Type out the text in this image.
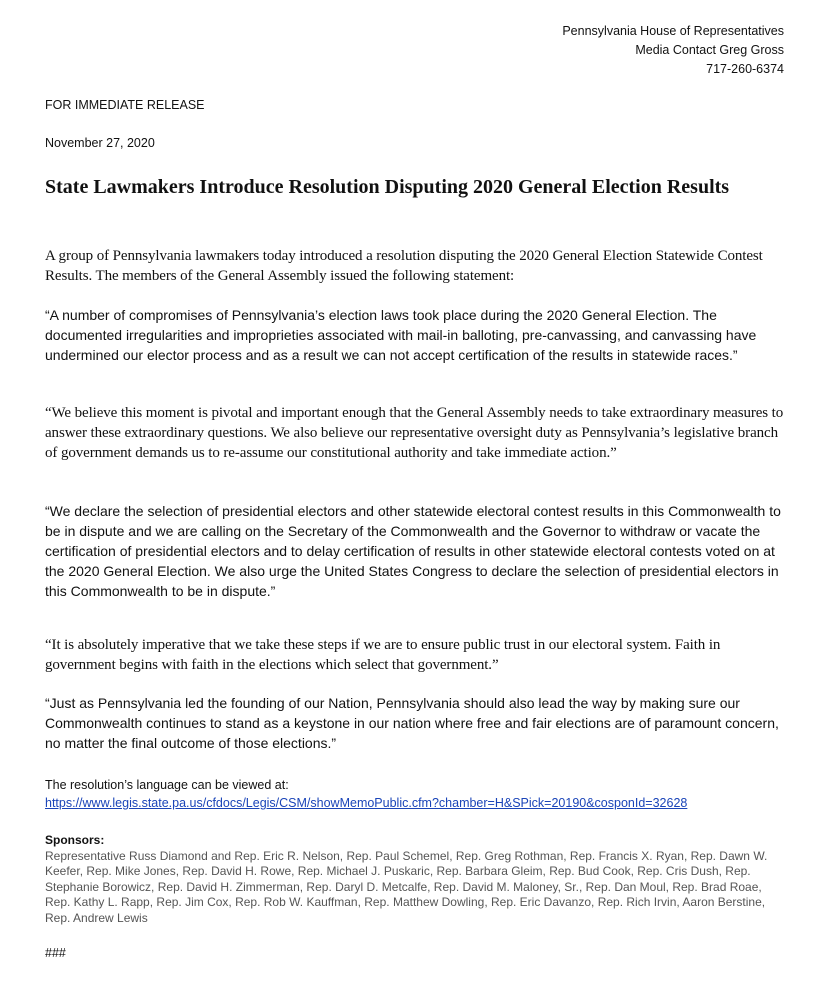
Pennsylvania House of Representatives
Media Contact Greg Gross
717-260-6374
FOR IMMEDIATE RELEASE
November 27, 2020
State Lawmakers Introduce Resolution Disputing 2020 General Election Results

A group of Pennsylvania lawmakers today introduced a resolution disputing the 2020 General Election Statewide Contest Results. The members of the General Assembly issued the following statement:

“A number of compromises of Pennsylvania’s election laws took place during the 2020 General Election. The documented irregularities and improprieties associated with mail-in balloting, pre-canvassing, and canvassing have undermined our elector process and as a result we can not accept certification of the results in statewide races.”

“We believe this moment is pivotal and important enough that the General Assembly needs to take extraordinary measures to answer these extraordinary questions. We also believe our representative oversight duty as Pennsylvania’s legislative branch of government demands us to re-assume our constitutional authority and take immediate action.”

“We declare the selection of presidential electors and other statewide electoral contest results in this Commonwealth to be in dispute and we are calling on the Secretary of the Commonwealth and the Governor to withdraw or vacate the certification of presidential electors and to delay certification of results in other statewide electoral contests voted on at the 2020 General Election. We also urge the United States Congress to declare the selection of presidential electors in this Commonwealth to be in dispute.”

“It is absolutely imperative that we take these steps if we are to ensure public trust in our electoral system. Faith in government begins with faith in the elections which select that government.”

“Just as Pennsylvania led the founding of our Nation, Pennsylvania should also lead the way by making sure our Commonwealth continues to stand as a keystone in our nation where free and fair elections are of paramount concern, no matter the final outcome of those elections.”

The resolution’s language can be viewed at:
https://www.legis.state.pa.us/cfdocs/Legis/CSM/showMemoPublic.cfm?chamber=H&SPick=20190&cosponId=32628
Sponsors:
Representative Russ Diamond and Rep. Eric R. Nelson, Rep. Paul Schemel, Rep. Greg Rothman, Rep. Francis X. Ryan, Rep. Dawn W. Keefer, Rep. Mike Jones, Rep. David H. Rowe, Rep. Michael J. Puskaric, Rep. Barbara Gleim, Rep. Bud Cook, Rep. Cris Dush, Rep. Stephanie Borowicz, Rep. David H. Zimmerman, Rep. Daryl D. Metcalfe, Rep. David M. Maloney, Sr., Rep. Dan Moul, Rep. Brad Roae, Rep. Kathy L. Rapp, Rep. Jim Cox, Rep. Rob W. Kauffman, Rep. Matthew Dowling, Rep. Eric Davanzo, Rep. Rich Irvin, Aaron Berstine, Rep. Andrew Lewis
###
